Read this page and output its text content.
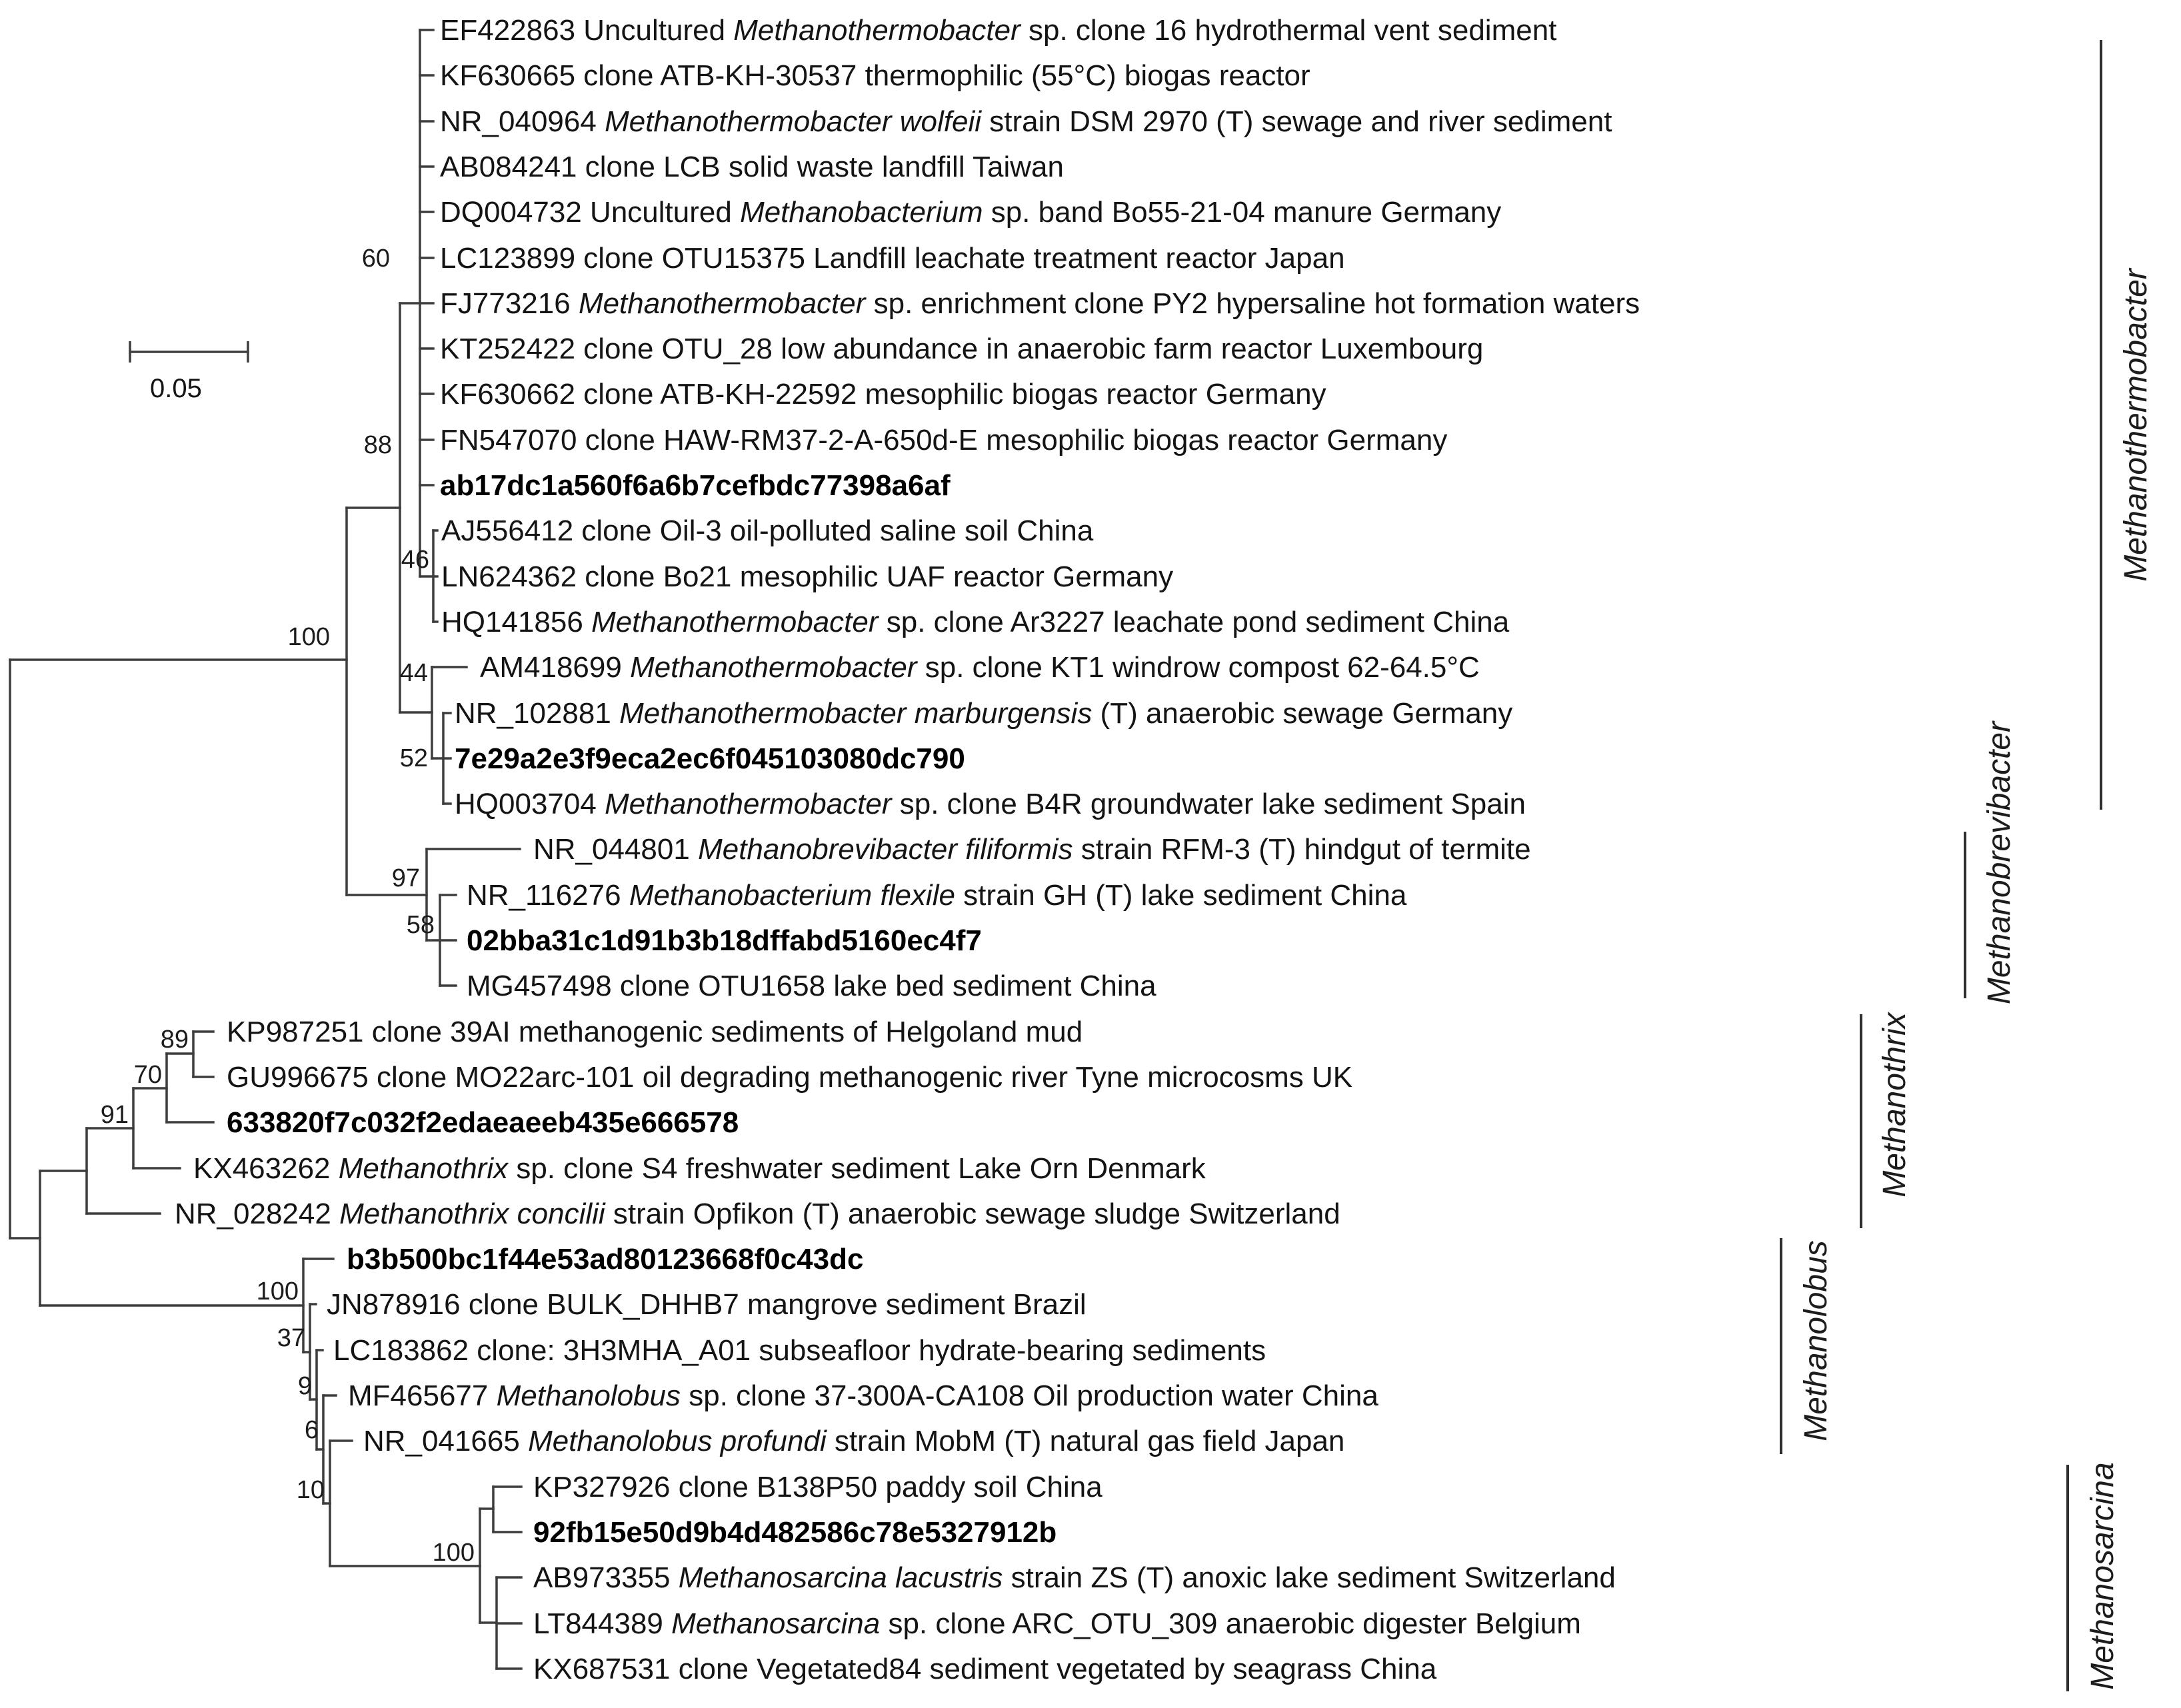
0.05
EF422863 Uncultured Methanothermobacter sp. clone 16 hydrothermal vent sediment
KF630665 clone ATB-KH-30537 thermophilic (55°C) biogas reactor
NR_040964 Methanothermobacter wolfeii strain DSM 2970 (T) sewage and river sediment
AB084241 clone LCB solid waste landfill Taiwan
DQ004732 Uncultured Methanobacterium sp. band Bo55-21-04 manure Germany
LC123899 clone OTU15375 Landfill leachate treatment reactor Japan
FJ773216 Methanothermobacter sp. enrichment clone PY2 hypersaline hot formation waters
KT252422 clone OTU_28 low abundance in anaerobic farm reactor Luxembourg
KF630662 clone ATB-KH-22592 mesophilic biogas reactor Germany
FN547070 clone HAW-RM37-2-A-650d-E mesophilic biogas reactor Germany
ab17dc1a560f6a6b7cefbdc77398a6af
AJ556412 clone Oil-3 oil-polluted saline soil China
LN624362 clone Bo21 mesophilic UAF reactor Germany
HQ141856 Methanothermobacter sp. clone Ar3227 leachate pond sediment China
AM418699 Methanothermobacter sp. clone KT1 windrow compost 62-64.5°C
NR_102881 Methanothermobacter marburgensis (T) anaerobic sewage Germany
7e29a2e3f9eca2ec6f045103080dc790
HQ003704 Methanothermobacter sp. clone B4R groundwater lake sediment Spain
NR_044801 Methanobrevibacter filiformis strain RFM-3 (T) hindgut of termite
NR_116276 Methanobacterium flexile strain GH (T) lake sediment China
02bba31c1d91b3b18dffabd5160ec4f7
MG457498 clone OTU1658 lake bed sediment China
KP987251 clone 39AI methanogenic sediments of Helgoland mud
GU996675 clone MO22arc-101 oil degrading methanogenic river Tyne microcosms UK
633820f7c032f2edaeaeeb435e666578
KX463262 Methanothrix sp. clone S4 freshwater sediment Lake Orn Denmark
NR_028242 Methanothrix concilii strain Opfikon (T) anaerobic sewage sludge Switzerland
b3b500bc1f44e53ad80123668f0c43dc
JN878916 clone BULK_DHHB7 mangrove sediment Brazil
LC183862 clone: 3H3MHA_A01 subseafloor hydrate-bearing sediments
MF465677 Methanolobus sp. clone 37-300A-CA108 Oil production water China
NR_041665 Methanolobus profundi strain MobM (T) natural gas field Japan
KP327926 clone B138P50 paddy soil China
92fb15e50d9b4d482586c78e5327912b
AB973355 Methanosarcina lacustris strain ZS (T) anoxic lake sediment Switzerland
LT844389 Methanosarcina sp. clone ARC_OTU_309 anaerobic digester Belgium
KX687531 clone Vegetated84 sediment vegetated by seagrass China
60
88
46
100
44
52
97
58
89
70
91
100
37
9
6
10
100
Methanothermobacter
Methanobrevibacter
Methanothrix
Methanolobus
Methanosarcina
